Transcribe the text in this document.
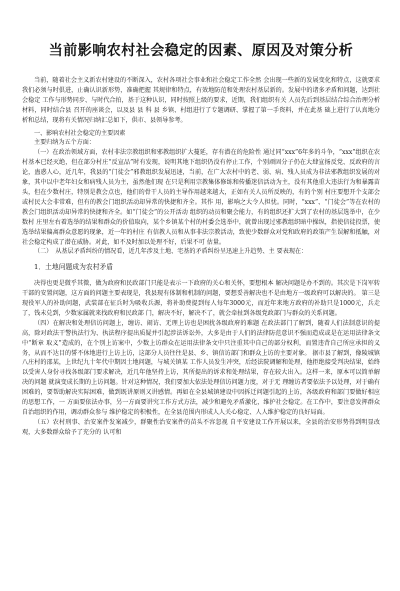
当前影响农村社会稳定的因素、原因及对策分析

当前，随着社会主义新农村建设的不断深入，农村各项社会事业和社会稳定工作全然 会出现一些新的发展变化和特点，这就要求我们必须与时俱进，止确认识新形势，准确把握 其规律和特点，有效地防范和处理农村基层新的。发展中的诸多矛盾和问题，达到社会稳定 工作与形势同步、与时代合拍，基于这种认识，同时按照上级的要求，近期，我们组织有关 人员先后到基层结合综合治理分析材料，同时结合县 召开的座谈会，以及县 县 科 县 乡镇、村组进行了专题调研、掌握了第一手资料，并在此基 础上进行了认真地分析和总结，现将有关情况归纳汇总如下，供市、县领导参考。

一、影响农村社会稳定的主要因素

主要归纳为五个方面：

（一）在政治领域方面，农村非法宗教组织和邪教组织扩大蔓延，存有潜在的危险性 通过同“xxx”6年多的斗争，“xxx”组织在农村基本已经灭绝，但在部分村庄“反宣品”时有发现，说明其地下组织仍没有停止工作，个别顽固分子仍在大肆宣扬反党、反政府的言论，蛊惑人心，近几年，我县的“门徒会”邪教组织发展迅速，当前，在广大农村中的老、弱、病、残人员成为非法邪教组织发展的对象，其中以中老年妇女和病残人员为主，虽然他们现 在只是利用宗教集体修练和传播迷信活动为主，没有其他重大违法行为和暴露苗头，但在少数村庄，特别是教会点也，他们的骨干人员的主导作用越来越大，正如有关人员所反映的，有的个别 村庄要想开个支部会或村民大会非常难，但有的教会门组织活动却异常的快捷和齐全。其作 用，影响之大令人担忧。同时，“xxx”、“门徒会”等在农村的教会门组织活动却异常的快捷和齐全。如“门徒会”的公开活动 组织的动员和聚会能力，有的组织还扩大到了农村的基层选举中，在少数村 庄里左右着选举的结果和群众的价值取向，某个乡镇某个村的村委会选举中，就曾出现过邪教组织暗中操纵，指使信徒投票，使选举结果偏离群众意愿的现象，近一年的村庄 有信教人员和从事非法宗教活动，致使少数群众对党和政府的政策产生误解和抵触，对社会稳定构成了潜在威胁。对此，如不及时加以处理不好，后果不可 估量。

（二）　从基层矛盾纠纷的情况看，近几年涉及土地、宅基的矛盾纠纷呈迅速上升趋势、主 要表现在：

1．土地问题成为农村矛盾

决得也更是微乎其微，做为政府和民政部门只能是表示一下政府的关心和关怀，要想根本 解决问题是办不到的。其次是下岗军转干部的安置问题，这方面的问题主要表现是，我县现有体制和机制的问题，要想妥善解决也不是由地方一级政府可以解决的。 第三是现役军人的补助问题，武装部在征兵时为吸收兵源，将补助费提到每人每年3000元，而近年来地方政府的补助只是1000元，兵走了，钱未兑到，少数家属就来找政府和民政部 门，解决不好，解决不了，就会牵扯到各级党政部门与群众的关系问题。

（四）在解决和处理信访问题上，缠访、闹访、无理上访也是困扰各级政府的难题 在政法部门了解到，随着人们法制意识的提高，除对政法干警执法行为、执法程序提出质疑并引起涉法诉讼外，大多是由于人们的法律防范意识不强而造成或是在运用法律条文中“断章 取义”造成的，在个别上访案中，少数上访群众在运用法律条文中只注重其中自己的部分权利，而置违背自己所应承担的义务，从而不达目的誓不休地进行上访上访，这部分人员往往是县、乡、镇信访部门和群众上访的主要对象。 据市县了解到，像陵城镇八庄村的邵某，上世纪九十年代中期因土地问题，与城关镇某 工作人员发生冲突，后经法院调解和处理，他拒绝接受判决结果，始终以受害人身份寻找各级部门要求解决，近几年他坚持上访，其所提出的诉求和处理结果，存在较大出入。这样一来，原本可以简单解决的问题 就演变成长期的上访问题。针对这种情况，我们要加大依法处理信访问题力度，对于无 理缠访者要依法予以处理，对于确有困难的，要帮助解决实际困难，做到既讲原则又讲感情。再如在全县城镇建设中因拆迁问题引起的上访，各级政府和部门要做好相应的思想工作，一 方面要依法办事，另一方面要讲究工作方式方法，减少和避免矛盾激化，维护社会稳定。在工作中，要注意发挥群众自治组织的作用，调动群众参与 维护稳定的积极性，在全县范围内形成人人关心稳定、人人维护稳定的良好局面。

（五）农村刑事、治安案件发案减少，群聚性治安案件的苗头不容忽视 自平安建设工作开展以来，全县的治安形势得到明显改观，大多数群众给予了充分的 认可和
